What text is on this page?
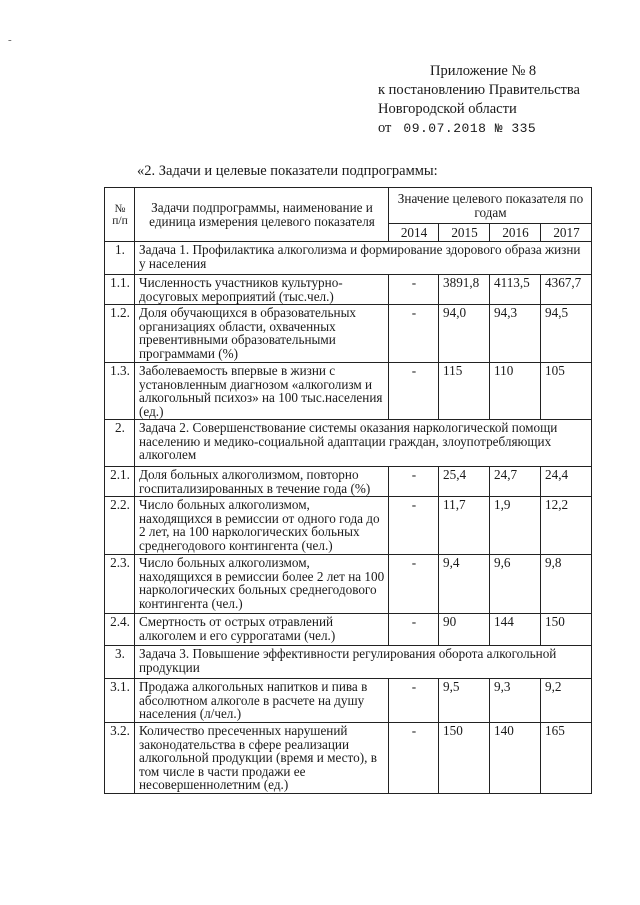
-
Приложение № 8
к постановлению Правительства
Новгородской области
от 09.07.2018 № 335
«2. Задачи и целевые показатели подпрограммы:
№ п/п	Задачи подпрограммы, наименование и единица измерения целевого показателя	Значение целевого показателя по годам			
		2014	2015	2016	2017
1.	Задача 1. Профилактика алкоголизма и формирование здорового образа жизни у населения				
1.1.	Численность участников культурно-досуговых мероприятий (тыс.чел.)	-	3891,8	4113,5	4367,7
1.2.	Доля обучающихся в образовательных организациях области, охваченных превентивными образовательными программами (%)	-	94,0	94,3	94,5
1.3.	Заболеваемость впервые в жизни с установленным диагнозом «алкоголизм и алкогольный психоз» на 100 тыс.населения (ед.)	-	115	110	105
2.	Задача 2. Совершенствование системы оказания наркологической помощи населению и медико-социальной адаптации граждан, злоупотребляющих алкоголем				
2.1.	Доля больных алкоголизмом, повторно госпитализированных в течение года (%)	-	25,4	24,7	24,4
2.2.	Число больных алкоголизмом, находящихся в ремиссии от одного года до 2 лет, на 100 наркологических больных среднегодового контингента (чел.)	-	11,7	1,9	12,2
2.3.	Число больных алкоголизмом, находящихся в ремиссии более 2 лет на 100 наркологических больных среднегодового контингента (чел.)	-	9,4	9,6	9,8
2.4.	Смертность от острых отравлений алкоголем и его суррогатами (чел.)	-	90	144	150
3.	Задача 3. Повышение эффективности регулирования оборота алкогольной продукции				
3.1.	Продажа алкогольных напитков и пива в абсолютном алкоголе в расчете на душу населения (л/чел.)	-	9,5	9,3	9,2
3.2.	Количество пресеченных нарушений законодательства в сфере реализации алкогольной продукции (время и место), в том числе в части продажи ее несовершеннолетним (ед.)	-	150	140	165
